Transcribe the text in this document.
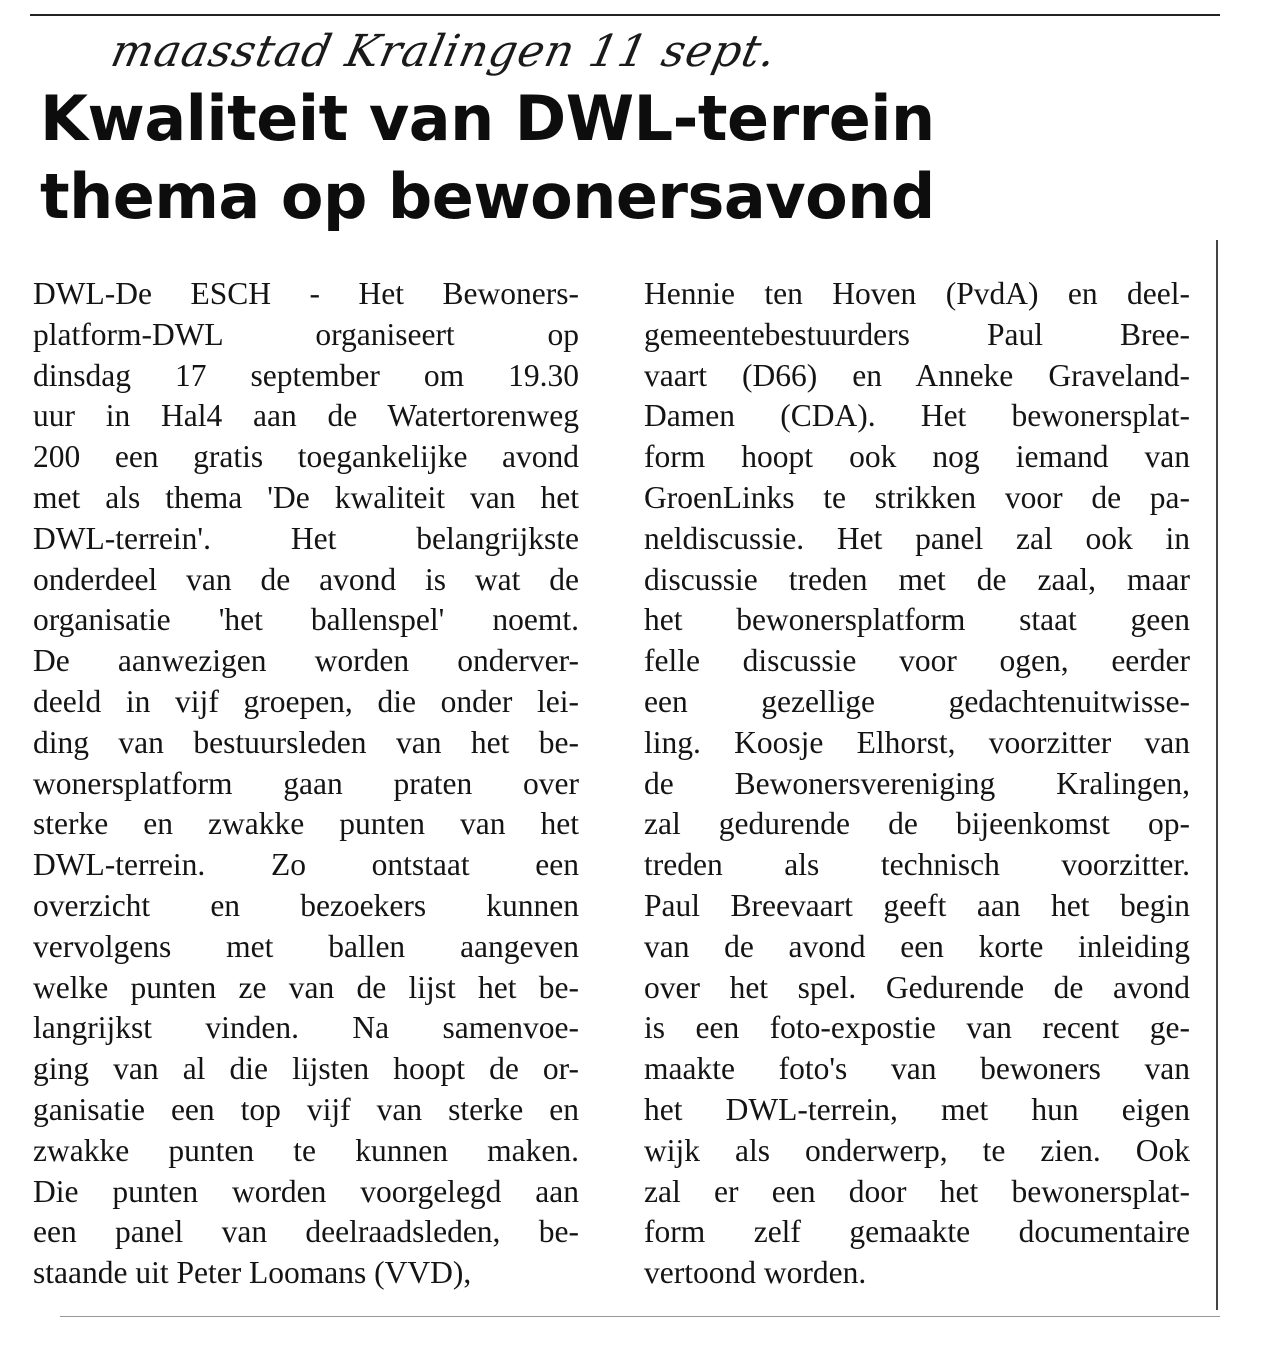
maasstad Kralingen 11 sept.
Kwaliteit van DWL-terrein
thema op bewonersavond
DWL-De ESCH - Het Bewoners-
platform-DWL organiseert op
dinsdag 17 september om 19.30
uur in Hal4 aan de Watertorenweg
200 een gratis toegankelijke avond
met als thema 'De kwaliteit van het
DWL-terrein'. Het belangrijkste
onderdeel van de avond is wat de
organisatie 'het ballenspel' noemt.
De aanwezigen worden onderver-
deeld in vijf groepen, die onder lei-
ding van bestuursleden van het be-
wonersplatform gaan praten over
sterke en zwakke punten van het
DWL-terrein. Zo ontstaat een
overzicht en bezoekers kunnen
vervolgens met ballen aangeven
welke punten ze van de lijst het be-
langrijkst vinden. Na samenvoe-
ging van al die lijsten hoopt de or-
ganisatie een top vijf van sterke en
zwakke punten te kunnen maken.
Die punten worden voorgelegd aan
een panel van deelraadsleden, be-
staande uit Peter Loomans (VVD),
Hennie ten Hoven (PvdA) en deel-
gemeentebestuurders Paul Bree-
vaart (D66) en Anneke Graveland-
Damen (CDA). Het bewonersplat-
form hoopt ook nog iemand van
GroenLinks te strikken voor de pa-
neldiscussie. Het panel zal ook in
discussie treden met de zaal, maar
het bewonersplatform staat geen
felle discussie voor ogen, eerder
een gezellige gedachtenuitwisse-
ling. Koosje Elhorst, voorzitter van
de Bewonersvereniging Kralingen,
zal gedurende de bijeenkomst op-
treden als technisch voorzitter.
Paul Breevaart geeft aan het begin
van de avond een korte inleiding
over het spel. Gedurende de avond
is een foto-expostie van recent ge-
maakte foto's van bewoners van
het DWL-terrein, met hun eigen
wijk als onderwerp, te zien. Ook
zal er een door het bewonersplat-
form zelf gemaakte documentaire
vertoond worden.
